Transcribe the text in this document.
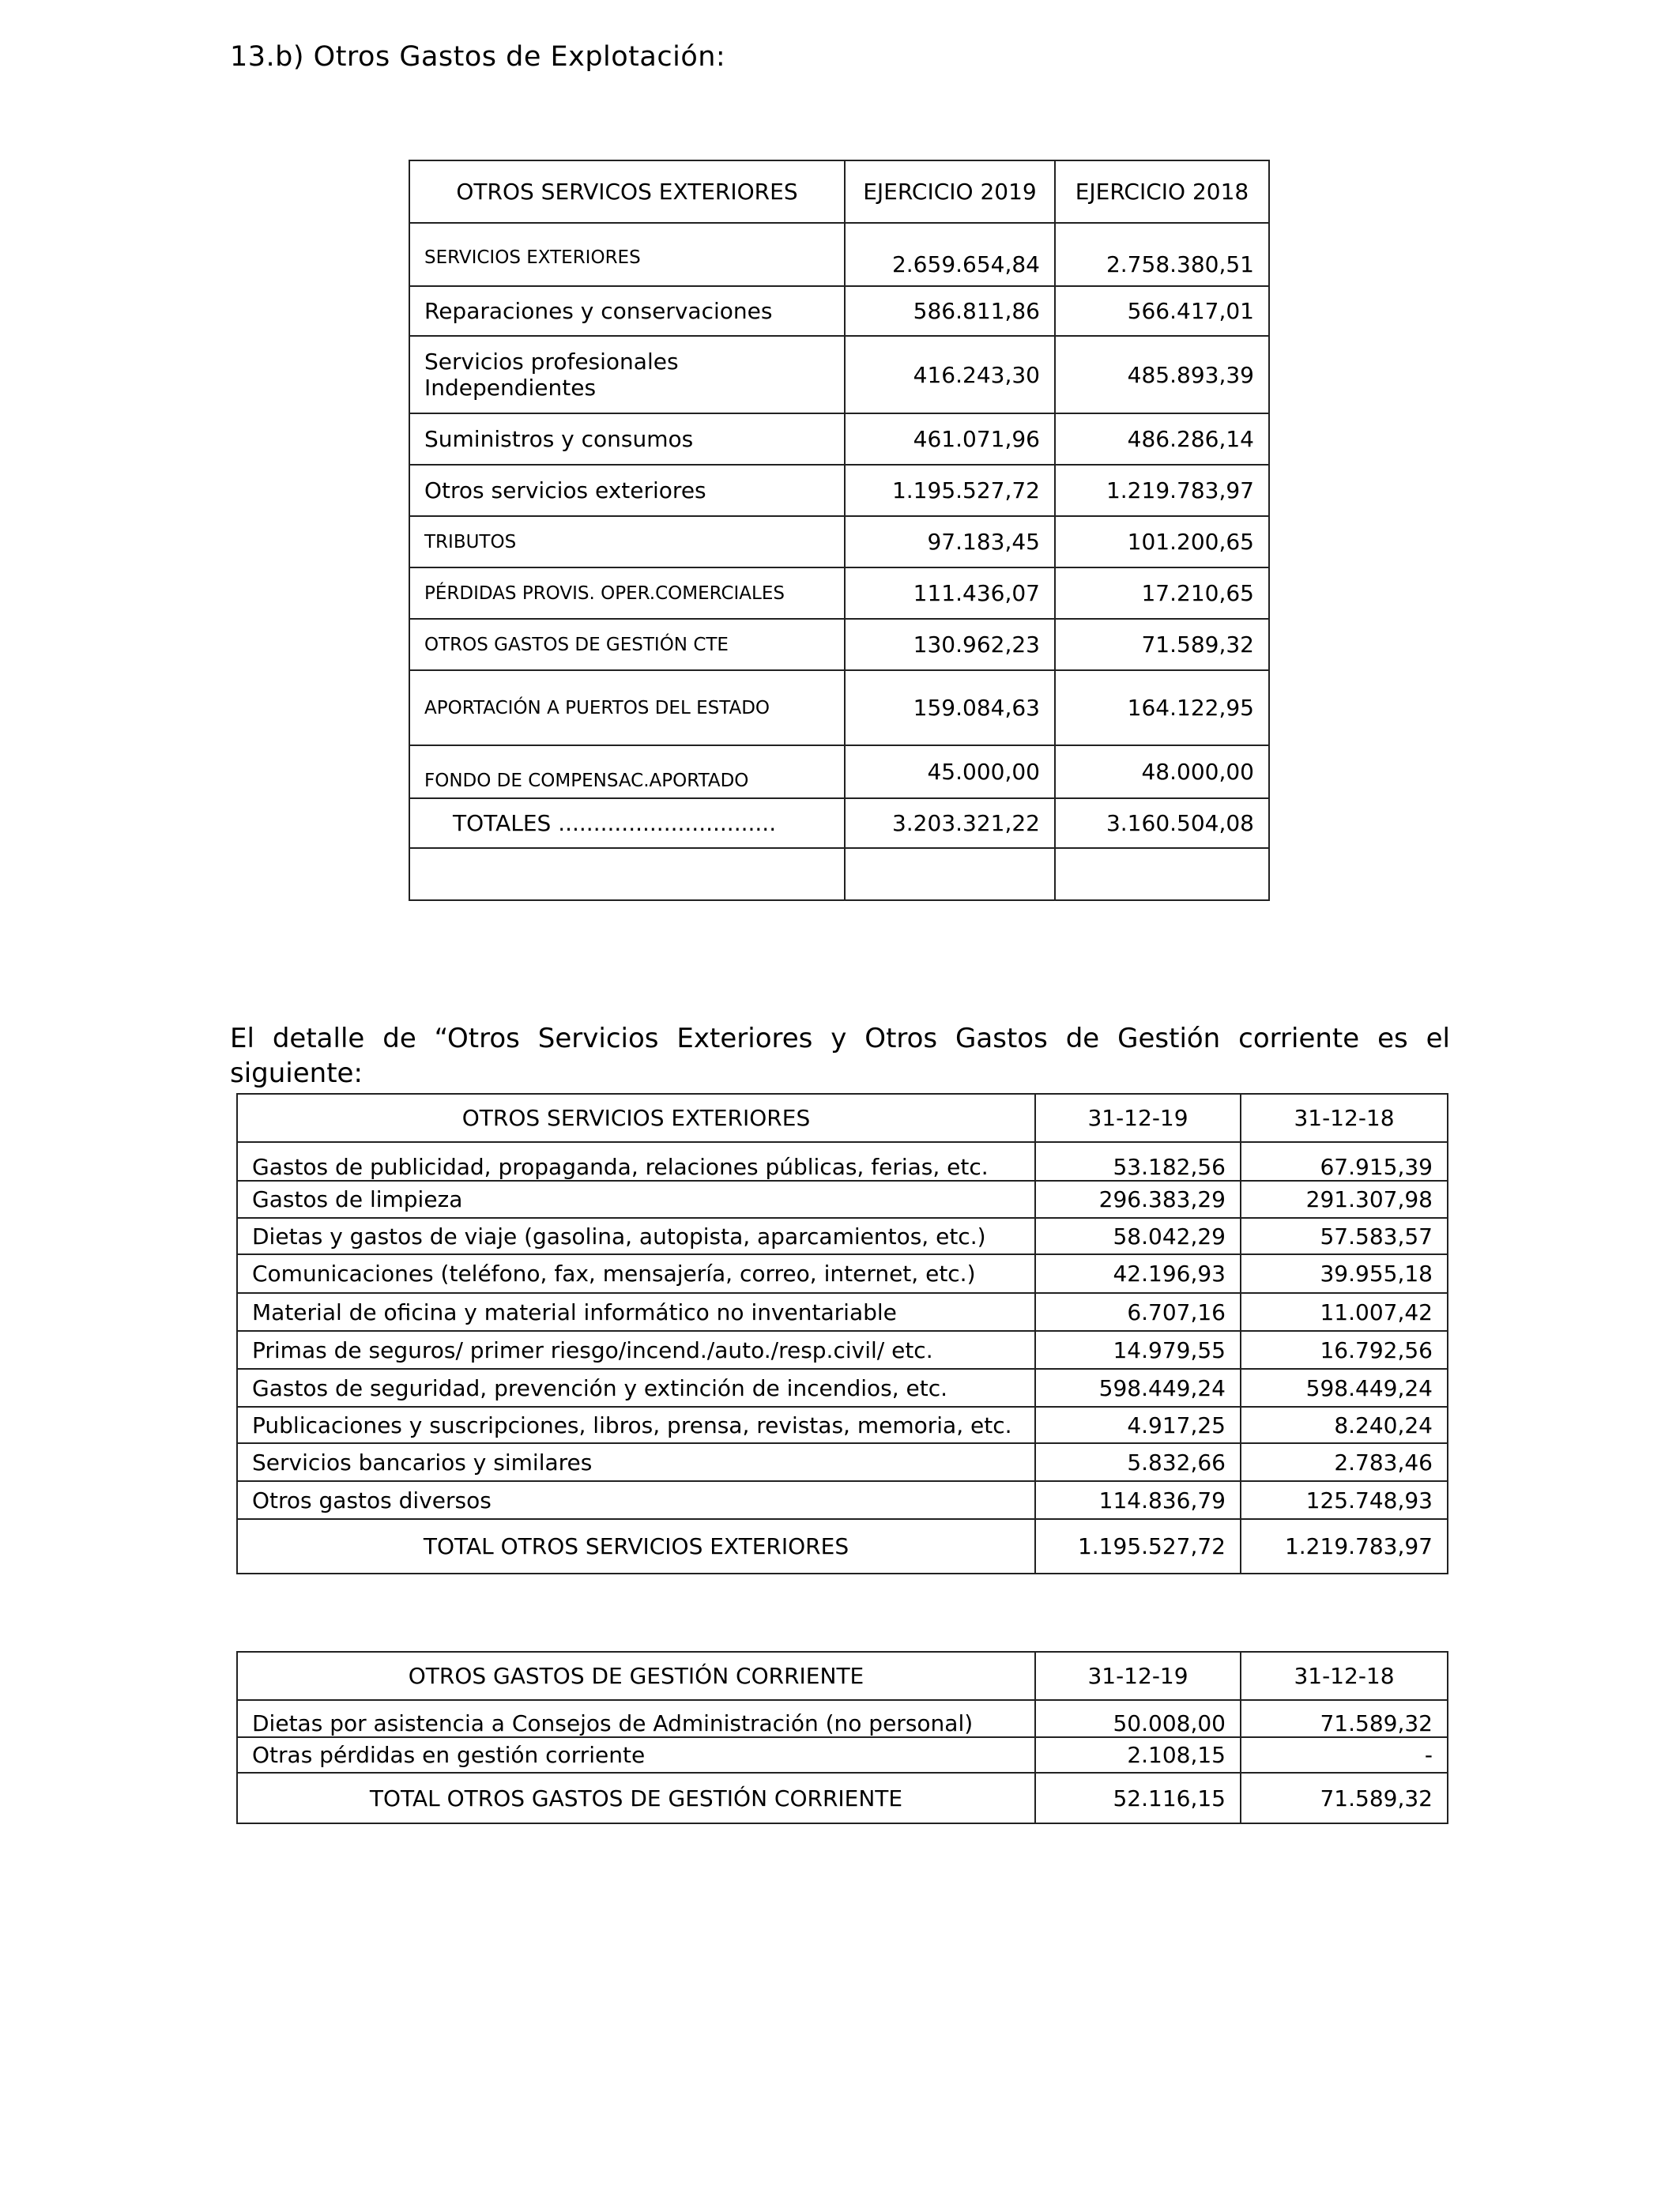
13.b) Otros Gastos de Explotación:
OTROS SERVICOS EXTERIORES	EJERCICIO 2019	EJERCICIO 2018
SERVICIOS EXTERIORES	2.659.654,84	2.758.380,51
Reparaciones y conservaciones	586.811,86	566.417,01
Servicios profesionales Independientes	416.243,30	485.893,39
Suministros y consumos	461.071,96	486.286,14
Otros servicios exteriores	1.195.527,72	1.219.783,97
TRIBUTOS	97.183,45	101.200,65
PÉRDIDAS PROVIS. OPER.COMERCIALES	111.436,07	17.210,65
OTROS GASTOS DE GESTIÓN CTE	130.962,23	71.589,32
APORTACIÓN A PUERTOS DEL ESTADO	159.084,63	164.122,95
FONDO DE COMPENSAC.APORTADO	45.000,00	48.000,00
TOTALES ...............................	3.203.321,22	3.160.504,08

El detalle de “Otros Servicios Exteriores y Otros Gastos de Gestión corriente es el siguiente:

OTROS SERVICIOS EXTERIORES	31-12-19	31-12-18
Gastos de publicidad, propaganda, relaciones públicas, ferias, etc.	53.182,56	67.915,39
Gastos de limpieza	296.383,29	291.307,98
Dietas y gastos de viaje (gasolina, autopista, aparcamientos, etc.)	58.042,29	57.583,57
Comunicaciones (teléfono, fax, mensajería, correo, internet, etc.)	42.196,93	39.955,18
Material de oficina y material informático no inventariable	6.707,16	11.007,42
Primas de seguros/ primer riesgo/incend./auto./resp.civil/ etc.	14.979,55	16.792,56
Gastos de seguridad, prevención y extinción de incendios, etc.	598.449,24	598.449,24
Publicaciones y suscripciones, libros, prensa, revistas, memoria, etc.	4.917,25	8.240,24
Servicios bancarios y similares	5.832,66	2.783,46
Otros gastos diversos	114.836,79	125.748,93
TOTAL OTROS SERVICIOS EXTERIORES	1.195.527,72	1.219.783,97
OTROS GASTOS DE GESTIÓN CORRIENTE	31-12-19	31-12-18
Dietas por asistencia a Consejos de Administración (no personal)	50.008,00	71.589,32
Otras pérdidas en gestión corriente	2.108,15	-
TOTAL OTROS GASTOS DE GESTIÓN CORRIENTE	52.116,15	71.589,32
